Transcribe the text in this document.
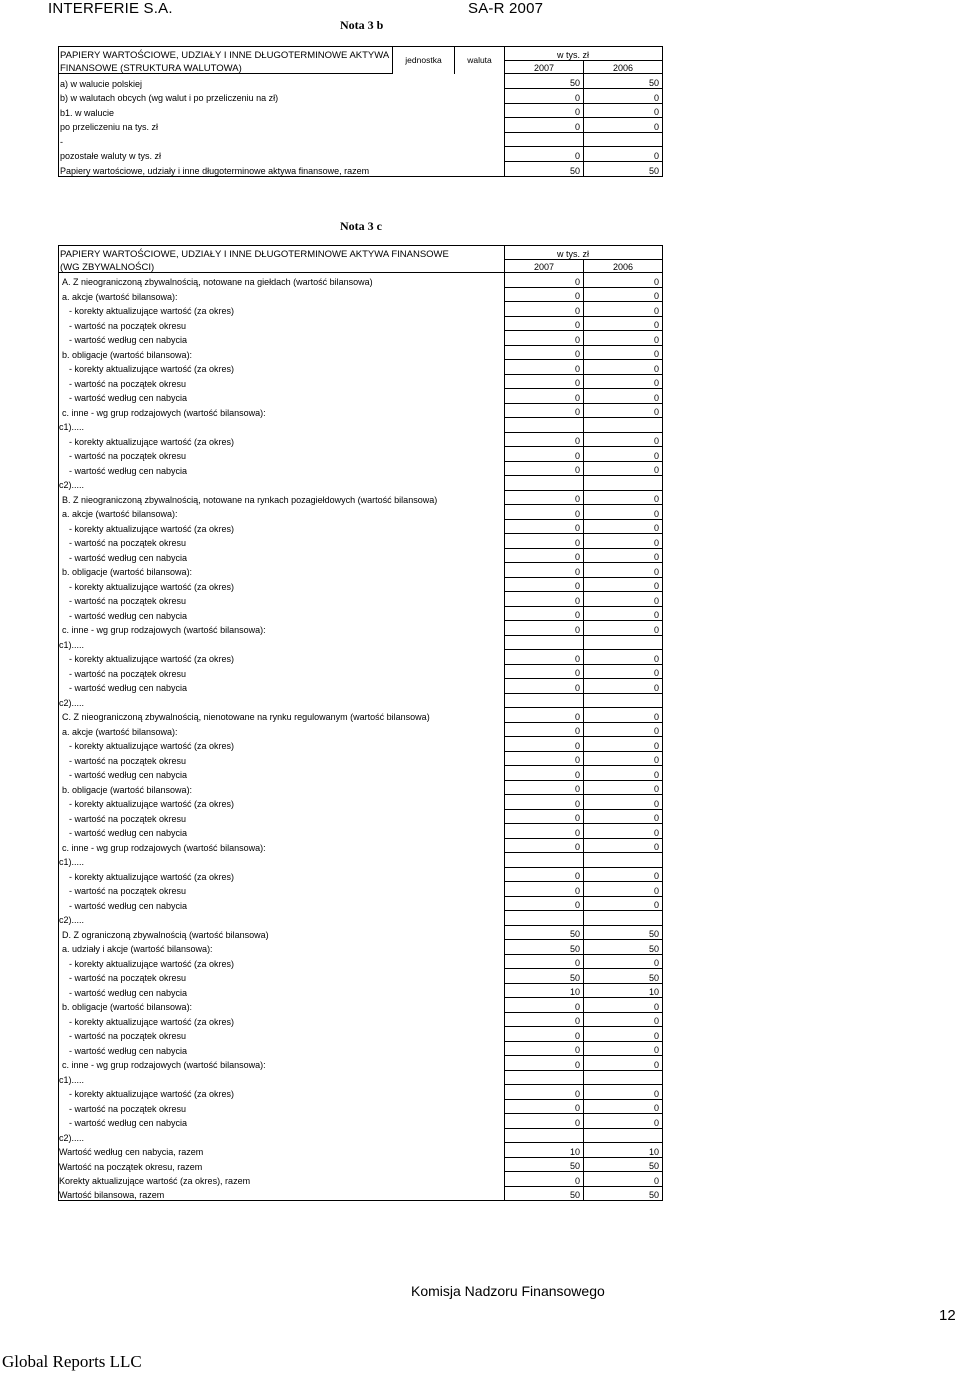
INTERFERIE S.A.	SA-R 2007
Nota 3 b
PAPIERY WARTOŚCIOWE, UDZIAŁY I INNE DŁUGOTERMINOWE AKTYWA	jednostka	waluta	w tys. zł	
FINANSOWE (STRUKTURA WALUTOWA)			2007	2006
a) w walucie polskiej			50	50
b) w walutach obcych (wg walut i po przeliczeniu na zł)			0	0
b1. w walucie			0	0
po przeliczeniu na tys. zł			0	0
-				
pozostałe waluty w tys. zł			0	0
Papiery wartościowe, udziały i inne długoterminowe aktywa finansowe, razem			50	50
Nota 3 c
PAPIERY WARTOŚCIOWE, UDZIAŁY I INNE DŁUGOTERMINOWE AKTYWA FINANSOWE	w tys. zł	
(WG ZBYWALNOŚCI)	2007	2006
A. Z nieograniczoną zbywalnością, notowane na giełdach (wartość bilansowa)	0	0
a. akcje (wartość bilansowa):	0	0
- korekty aktualizujące wartość (za okres)	0	0
- wartość na początek okresu	0	0
- wartość według cen nabycia	0	0
b. obligacje (wartość bilansowa):	0	0
- korekty aktualizujące wartość (za okres)	0	0
- wartość na początek okresu	0	0
- wartość według cen nabycia	0	0
c. inne - wg grup rodzajowych (wartość bilansowa):	0	0
c1).....		
- korekty aktualizujące wartość (za okres)	0	0
- wartość na początek okresu	0	0
- wartość według cen nabycia	0	0
c2).....		
B. Z nieograniczoną zbywalnością, notowane na rynkach pozagiełdowych (wartość bilansowa)	0	0
a. akcje (wartość bilansowa):	0	0
- korekty aktualizujące wartość (za okres)	0	0
- wartość na początek okresu	0	0
- wartość według cen nabycia	0	0
b. obligacje (wartość bilansowa):	0	0
- korekty aktualizujące wartość (za okres)	0	0
- wartość na początek okresu	0	0
- wartość według cen nabycia	0	0
c. inne - wg grup rodzajowych (wartość bilansowa):	0	0
c1).....		
- korekty aktualizujące wartość (za okres)	0	0
- wartość na początek okresu	0	0
- wartość według cen nabycia	0	0
c2).....		
C. Z nieograniczoną zbywalnością, nienotowane na rynku regulowanym (wartość bilansowa)	0	0
a. akcje (wartość bilansowa):	0	0
- korekty aktualizujące wartość (za okres)	0	0
- wartość na początek okresu	0	0
- wartość według cen nabycia	0	0
b. obligacje (wartość bilansowa):	0	0
- korekty aktualizujące wartość (za okres)	0	0
- wartość na początek okresu	0	0
- wartość według cen nabycia	0	0
c. inne - wg grup rodzajowych (wartość bilansowa):	0	0
c1).....		
- korekty aktualizujące wartość (za okres)	0	0
- wartość na początek okresu	0	0
- wartość według cen nabycia	0	0
c2).....		
D. Z ograniczoną zbywalnością (wartość bilansowa)	50	50
a. udziały i akcje (wartość bilansowa):	50	50
- korekty aktualizujące wartość (za okres)	0	0
- wartość na początek okresu	50	50
- wartość według cen nabycia	10	10
b. obligacje (wartość bilansowa):	0	0
- korekty aktualizujące wartość (za okres)	0	0
- wartość na początek okresu	0	0
- wartość według cen nabycia	0	0
c. inne - wg grup rodzajowych (wartość bilansowa):	0	0
c1).....		
- korekty aktualizujące wartość (za okres)	0	0
- wartość na początek okresu	0	0
- wartość według cen nabycia	0	0
c2).....		
Wartość według cen nabycia, razem	10	10
Wartość na początek okresu, razem	50	50
Korekty aktualizujące wartość (za okres), razem	0	0
Wartość bilansowa, razem	50	50
Komisja Nadzoru Finansowego
12
Global Reports LLC
